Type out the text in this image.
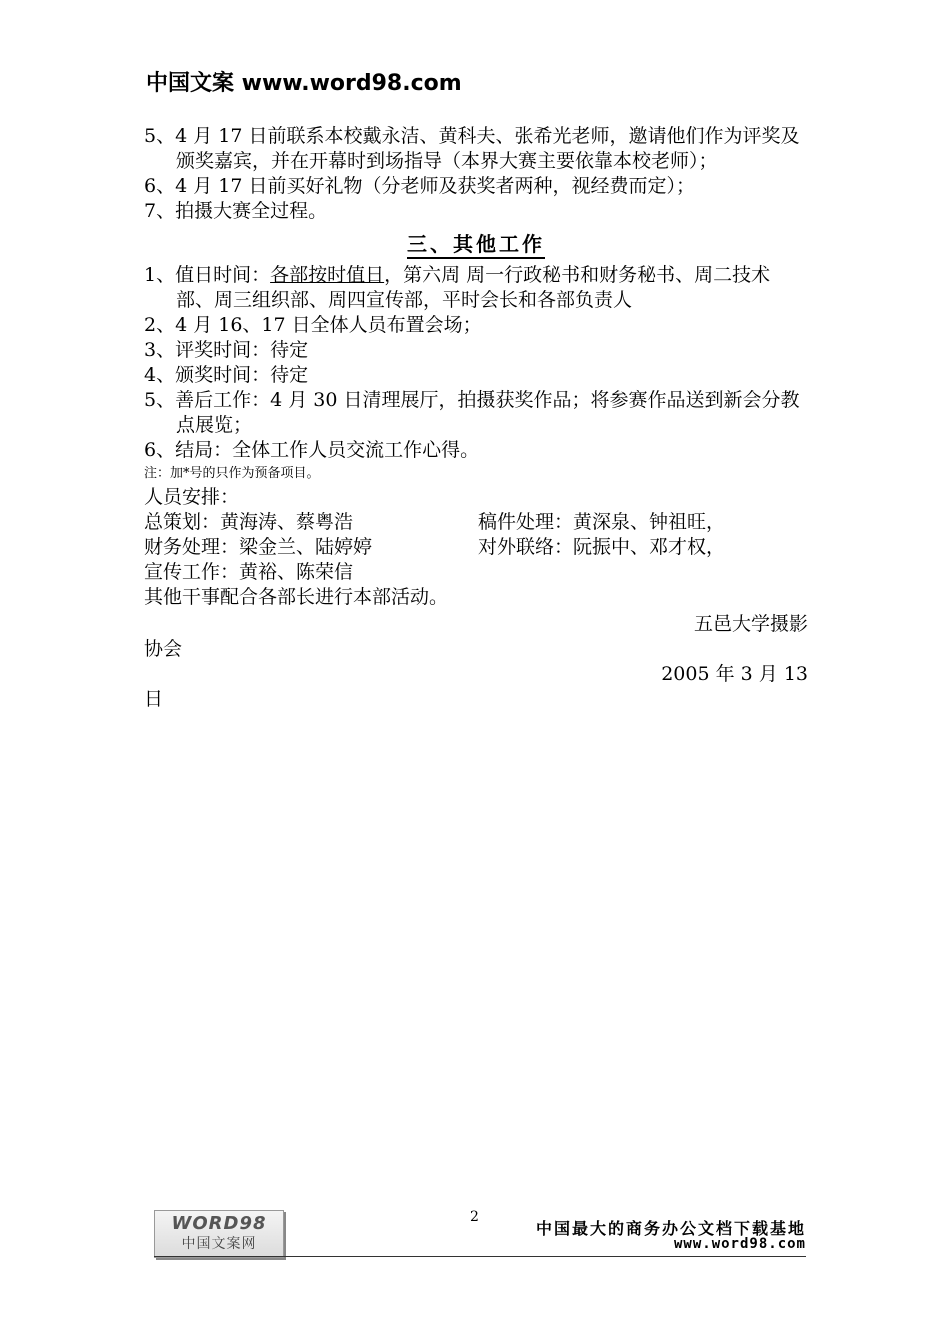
中国文案 www.word98.com
5、4 月 17 日前联系本校戴永洁、黄科夫、张希光老师，邀请他们作为评奖及颁奖嘉宾，并在开幕时到场指导（本界大赛主要依靠本校老师）；
6、4 月 17 日前买好礼物（分老师及获奖者两种，视经费而定）；
7、拍摄大赛全过程。
三、其他工作
1、值日时间：各部按时值日，第六周 周一行政秘书和财务秘书、周二技术部、周三组织部、周四宣传部，平时会长和各部负责人
2、4 月 16、17 日全体人员布置会场；
3、评奖时间：待定
4、颁奖时间：待定
5、善后工作：4 月 30 日清理展厅，拍摄获奖作品；将参赛作品送到新会分教点展览；
6、结局：全体工作人员交流工作心得。
注：加*号的只作为预备项目。
人员安排：
总策划：黄海涛、蔡粤浩	稿件处理：黄深泉、钟祖旺，
财务处理：梁金兰、陆婷婷	对外联络：阮振中、邓才权，
宣传工作：黄裕、陈荣信
其他干事配合各部长进行本部活动。
五邑大学摄影
协会
2005 年 3 月 13
日
WORD98
中国文案网
2
中国最大的商务办公文档下载基地
www.word98.com
